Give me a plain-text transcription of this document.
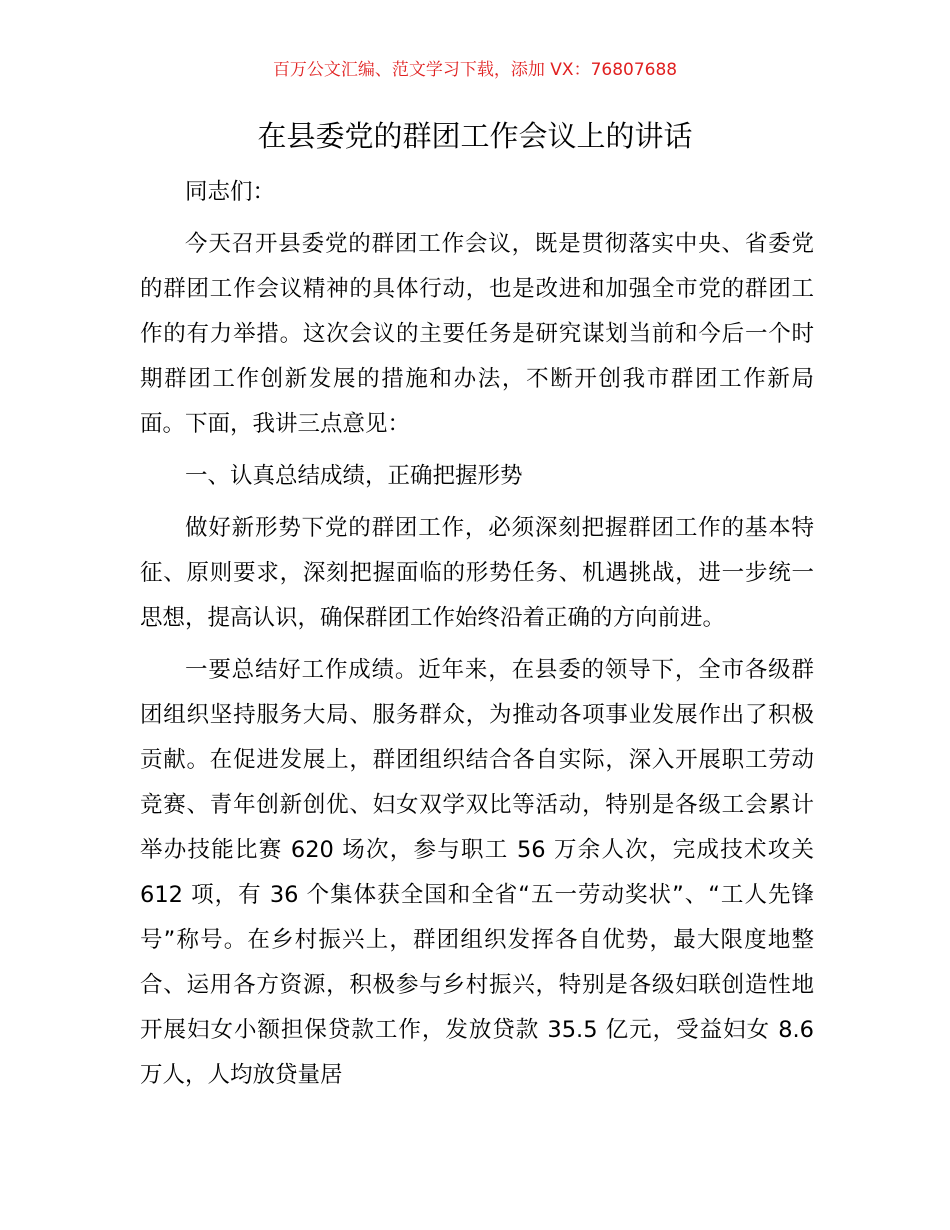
百万公文汇编、范文学习下载，添加 VX：76807688
在县委党的群团工作会议上的讲话

同志们：

今天召开县委党的群团工作会议，既是贯彻落实中央、省委党的群团工作会议精神的具体行动，也是改进和加强全市党的群团工作的有力举措。这次会议的主要任务是研究谋划当前和今后一个时期群团工作创新发展的措施和办法，不断开创我市群团工作新局面。下面，我讲三点意见：

一、认真总结成绩，正确把握形势

做好新形势下党的群团工作，必须深刻把握群团工作的基本特征、原则要求，深刻把握面临的形势任务、机遇挑战，进一步统一思想，提高认识，确保群团工作始终沿着正确的方向前进。

一要总结好工作成绩。近年来，在县委的领导下，全市各级群团组织坚持服务大局、服务群众，为推动各项事业发展作出了积极贡献。在促进发展上，群团组织结合各自实际，深入开展职工劳动竞赛、青年创新创优、妇女双学双比等活动，特别是各级工会累计举办技能比赛 620 场次，参与职工 56 万余人次，完成技术攻关 612 项，有 36 个集体获全国和全省“五一劳动奖状”、“工人先锋号”称号。在乡村振兴上，群团组织发挥各自优势，最大限度地整合、运用各方资源，积极参与乡村振兴，特别是各级妇联创造性地开展妇女小额担保贷款工作，发放贷款 35.5 亿元，受益妇女 8.6 万人，人均放贷量居
